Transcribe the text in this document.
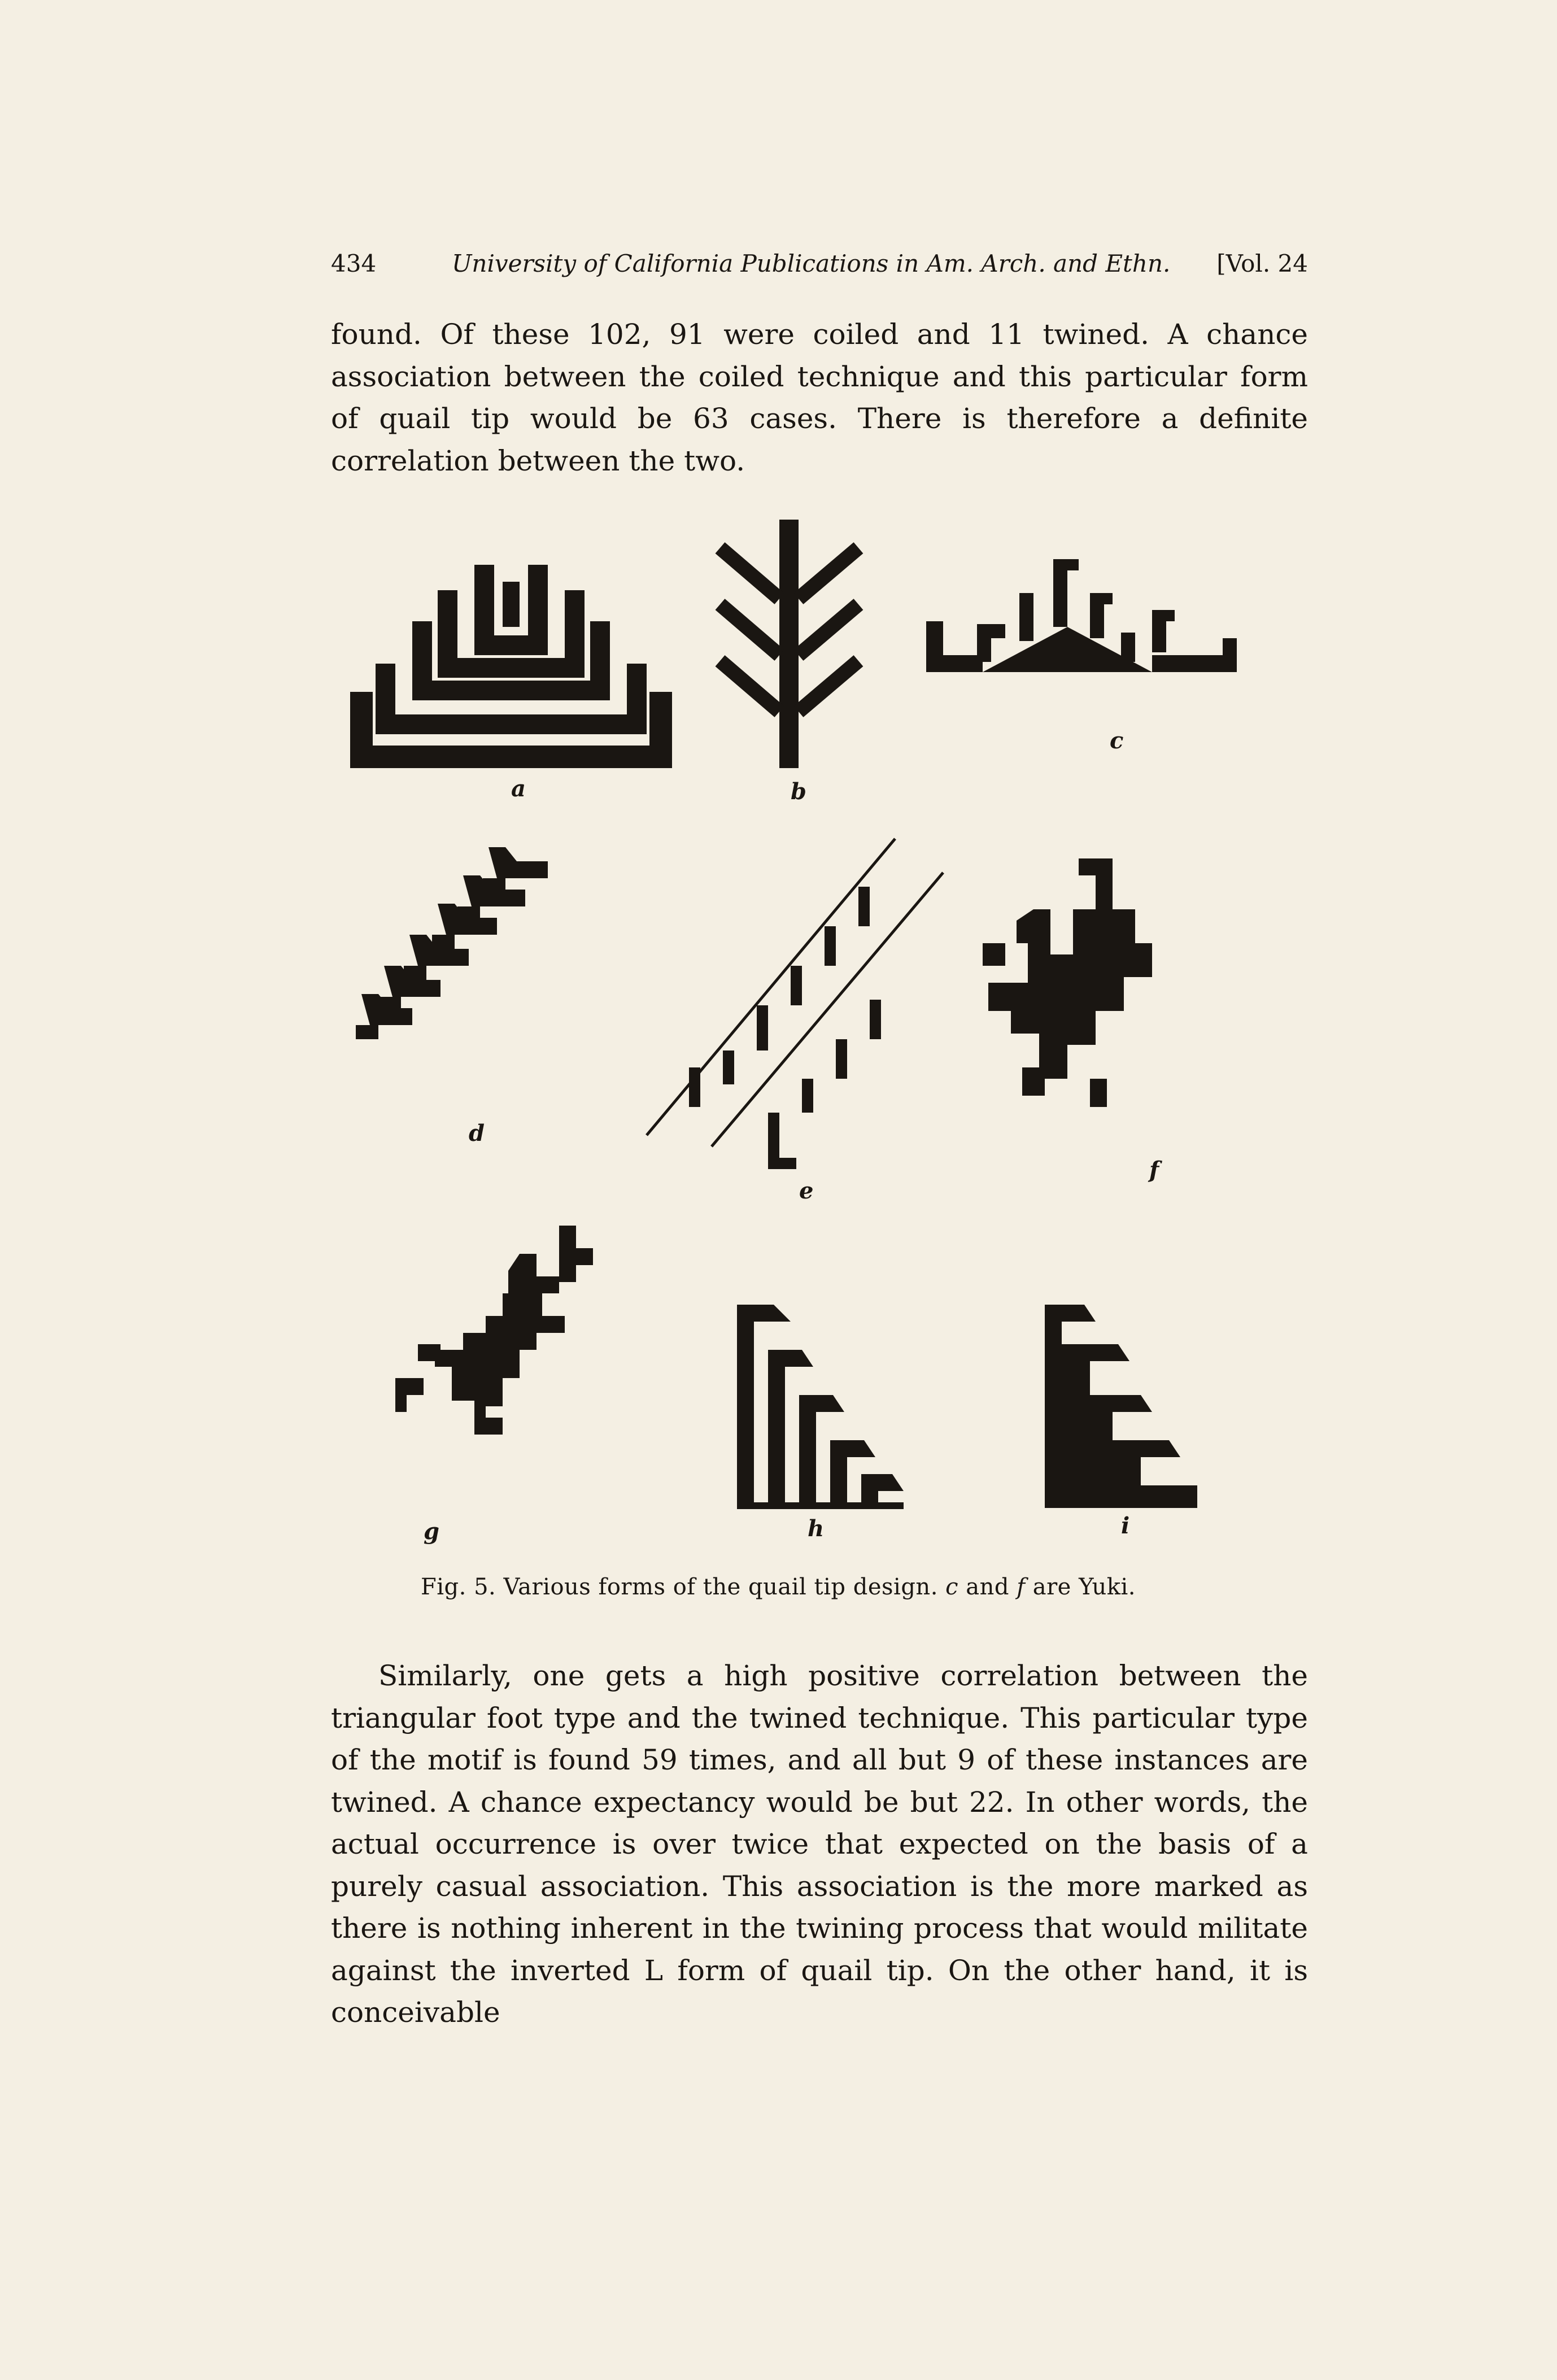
434	University of California Publications in Am. Arch. and Ethn. [Vol. 24

found. Of these 102, 91 were coiled and 11 twined. A chance association between the coiled technique and this particular form of quail tip would be 63 cases. There is therefore a definite correlation between the two.

a	b
c
d
e
f
g	h	i
Fig. 5. Various forms of the quail tip design. c and f are Yuki.

Similarly, one gets a high positive correlation between the triangular foot type and the twined technique. This particular type of the motif is found 59 times, and all but 9 of these instances are twined. A chance expectancy would be but 22. In other words, the actual occurrence is over twice that expected on the basis of a purely casual association. This association is the more marked as there is nothing inherent in the twining process that would militate against the inverted L form of quail tip. On the other hand, it is conceivable
